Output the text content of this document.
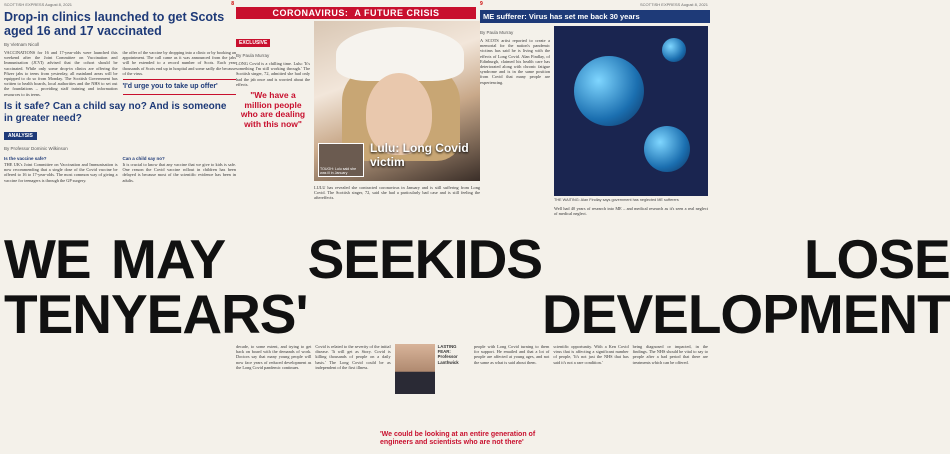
SCOTTISH EXPRESS August 8, 2021	8	9	SCOTTISH EXPRESS August 8, 2021
CORONAVIRUS: A FUTURE CRISIS
Drop-in clinics launched to get Scots aged 16 and 17 vaccinated
By Vietnam Nicoll
VACCINATIONS for 16 and 17-year-olds were launched this weekend after the Joint Committee on Vaccination and Immunisation (JCVI) advised that the cohort should be vaccinated. While only some drop-in clinics are offering the Pfizer jabs to teens from yesterday, all mainland areas will be equipped to do so from Monday. The Scottish Government has written to health boards, local authorities and the NHS to set out the foundations – providing staff training and information resources to its teens.
the offer of the vaccine by dropping into a clinic or by booking an appointment. The call came as it was announced from the jabs will be extended to a record number of Scots. Each year thousands of Scots end up in hospital and some sadly die because of the virus.
'I'd urge you to take up offer'
Is it safe? Can a child say no? And is someone in greater need?
ANALYSIS
By Professor Dominic Wilkinson
Is the vaccine safe?
THE UK's Joint Committee on Vaccination and Immunisation is now recommending that a single dose of the Covid vaccine be offered to 16 to 17-year-olds. The most common way of giving a vaccine for teenagers is through the GP surgery.
Can a child say no?
It is crucial to know that any vaccine that we give to kids is safe. One reason the Covid vaccine rollout in children has been delayed is because most of the scientific evidence has been in adults.
EXCLUSIVE
By Paula Murray
LONG Covid is a chilling time. Lulu: 'It's something I'm still working through.' The Scottish singer, 72, admitted she had only had the jab once and is worried about the effects.
"We have a million people who are dealing with this now"
TOUGH: Lulu said she was ill in January
Lulu: Long Covid victim
LULU has revealed she contracted coronavirus in January and is still suffering from Long Covid. The Scottish singer, 72, said she had a particularly bad case and is still feeling the aftereffects.
ME sufferer: Virus has set me back 30 years
By Paula Murray
A SCOTS artist reported to create a memorial for the nation's pandemic victims has said he is living with the effects of Long Covid. Alan Findlay, of Edinburgh, claimed his health care has deteriorated along with chronic fatigue syndrome and is in the same position from Covid that many people are experiencing.
THE WAITING: Alan Findlay says government has neglected ME sufferers
Well had 40 years of research into ME – and medical research as it's seen a real neglect of medical neglect.
WE
TEN
MAY
YEARS'
SEE KIDS	LOSE
DEVELOPMENT
decade, to some extent, and trying to get back on board with the demands of work. Doctors say that many young people will now face years of reduced development as the Long Covid pandemic continues.
Covid is related to the severity of the initial disease. 'It will get as Story. Covid is killing thousands of people on a daily basis.' The Long Covid could be as independent of the first illness.
LASTING FEAR: Professor Lanthwick
people with Long Covid turning to them for support. He emailed and that a lot of people are affected at young ages, and not the same as what is said about them.
scientific opportunity. With a Ken Covid virus that is affecting a significant number of people, 'It's not just the NHS that has said it's not a rare condition.'
being diagnosed or impacted, in the findings. The NHS should be vital to say to people after a bad period that there are treatments which can be offered.
'We could be looking at an entire generation of engineers and scientists who are not there'
